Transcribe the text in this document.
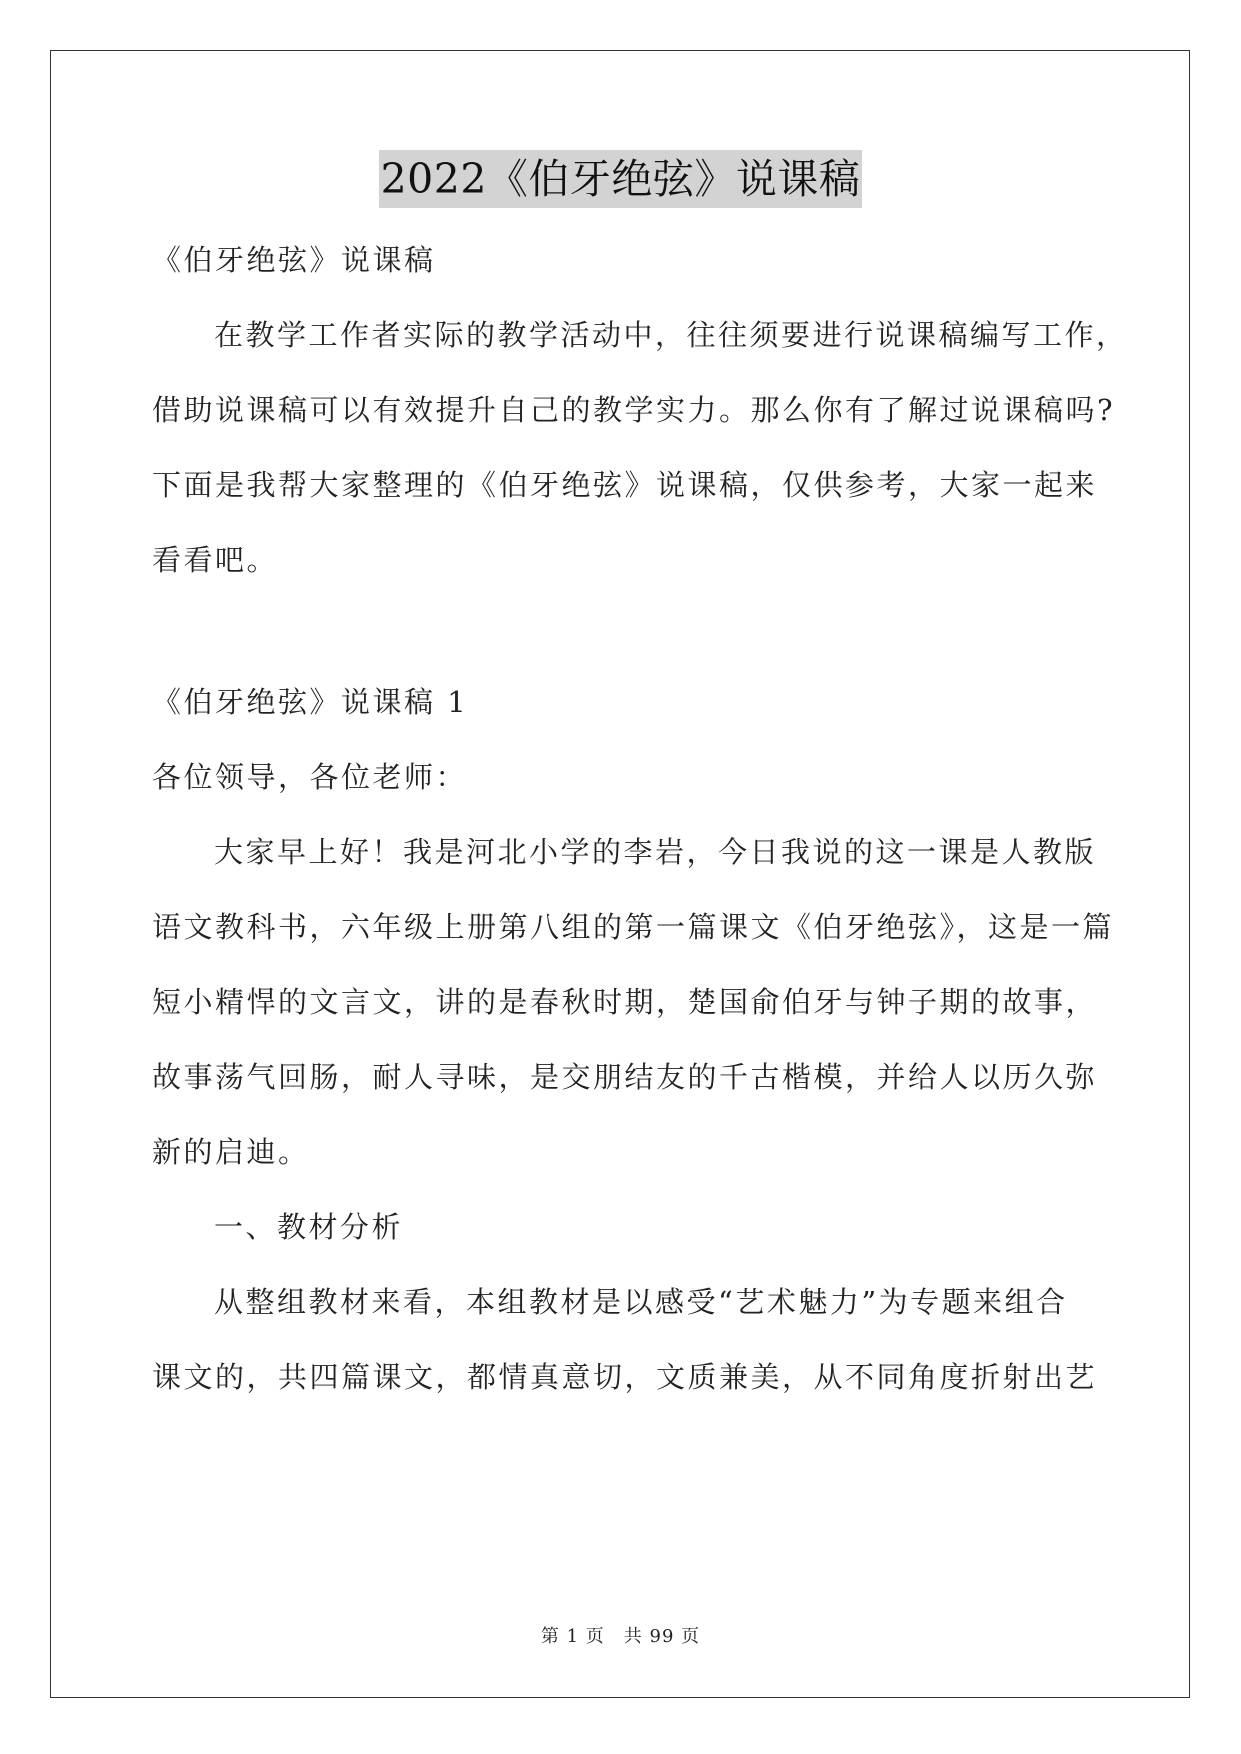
2022《伯牙绝弦》说课稿
《伯牙绝弦》说课稿
在教学工作者实际的教学活动中，往往须要进行说课稿编写工作，
借助说课稿可以有效提升自己的教学实力。那么你有了解过说课稿吗?
下面是我帮大家整理的《伯牙绝弦》说课稿，仅供参考，大家一起来
看看吧。
《伯牙绝弦》说课稿 1
各位领导，各位老师：
大家早上好！我是河北小学的李岩，今日我说的这一课是人教版
语文教科书，六年级上册第八组的第一篇课文《伯牙绝弦》，这是一篇
短小精悍的文言文，讲的是春秋时期，楚国俞伯牙与钟子期的故事，
故事荡气回肠，耐人寻味，是交朋结友的千古楷模，并给人以历久弥
新的启迪。
一、教材分析
从整组教材来看，本组教材是以感受“艺术魅力”为专题来组合
课文的，共四篇课文，都情真意切，文质兼美，从不同角度折射出艺
第 1 页　共 99 页
